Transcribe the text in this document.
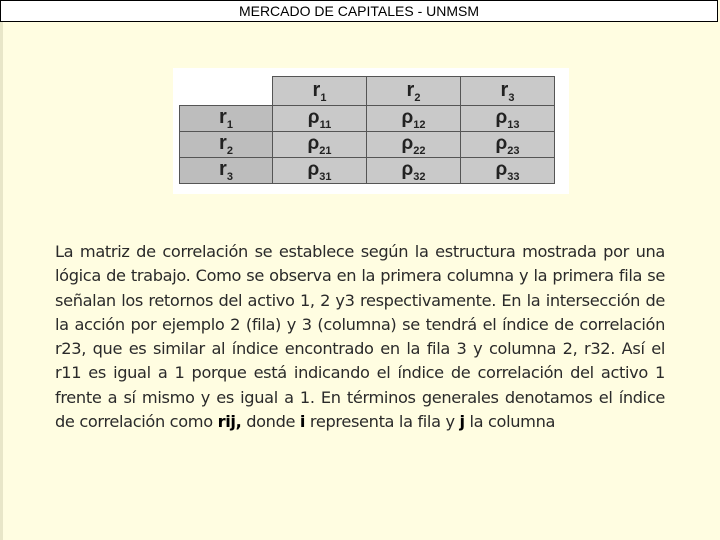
MERCADO DE CAPITALES - UNMSM
	$r_1$	$r_2$	$r_3$
$r_1$	$\rho_{11}$	$\rho_{12}$	$\rho_{13}$
$r_2$	$\rho_{21}$	$\rho_{22}$	$\rho_{23}$
$r_3$	$\rho_{31}$	$\rho_{32}$	$\rho_{33}$
La matriz de correlación se establece según la estructura mostrada por una lógica de trabajo. Como se observa en la primera columna y la primera fila se señalan los retornos del activo 1, 2 y3 respectivamente. En la intersección de la acción por ejemplo 2 (fila) y 3 (columna) se tendrá el índice de correlación r23, que es similar al índice encontrado en la fila 3 y columna 2, r32. Así el r11 es igual a 1 porque está indicando el índice de correlación del activo 1 frente a sí mismo y es igual a 1. En términos generales denotamos el índice de correlación como rij, donde i representa la fila y j la columna
